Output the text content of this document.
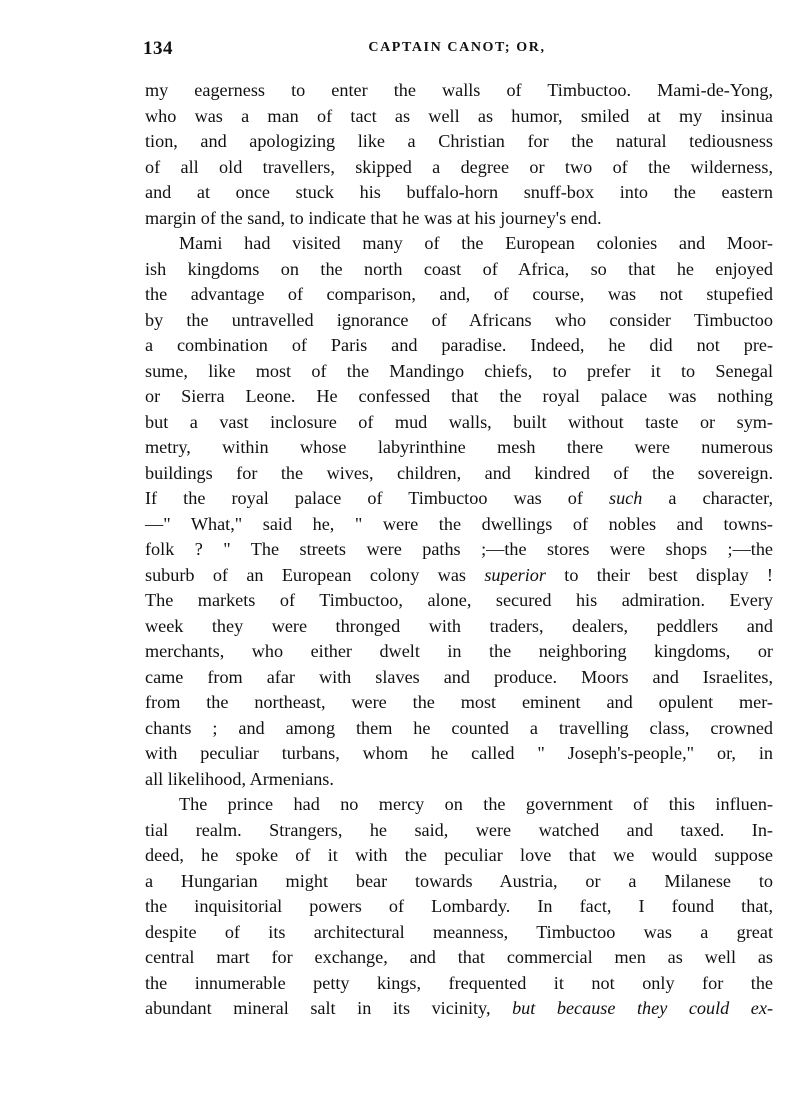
134	CAPTAIN CANOT; OR,
my eagerness to enter the walls of Timbuctoo. Mami-de-Yong,
who was a man of tact as well as humor, smiled at my insinua
tion, and apologizing like a Christian for the natural tediousness
of all old travellers, skipped a degree or two of the wilderness,
and at once stuck his buffalo-horn snuff-box into the eastern
margin of the sand, to indicate that he was at his journey's end.
Mami had visited many of the European colonies and Moor-
ish kingdoms on the north coast of Africa, so that he enjoyed
the advantage of comparison, and, of course, was not stupefied
by the untravelled ignorance of Africans who consider Timbuctoo
a combination of Paris and paradise. Indeed, he did not pre-
sume, like most of the Mandingo chiefs, to prefer it to Senegal
or Sierra Leone. He confessed that the royal palace was nothing
but a vast inclosure of mud walls, built without taste or sym-
metry, within whose labyrinthine mesh there were numerous
buildings for the wives, children, and kindred of the sovereign.
If the royal palace of Timbuctoo was of such a character,
—" What," said he, " were the dwellings of nobles and towns-
folk ? " The streets were paths ;—the stores were shops ;—the
suburb of an European colony was superior to their best display !
The markets of Timbuctoo, alone, secured his admiration. Every
week they were thronged with traders, dealers, peddlers and
merchants, who either dwelt in the neighboring kingdoms, or
came from afar with slaves and produce. Moors and Israelites,
from the northeast, were the most eminent and opulent mer-
chants ; and among them he counted a travelling class, crowned
with peculiar turbans, whom he called " Joseph's-people," or, in
all likelihood, Armenians.
The prince had no mercy on the government of this influen-
tial realm. Strangers, he said, were watched and taxed. In-
deed, he spoke of it with the peculiar love that we would suppose
a Hungarian might bear towards Austria, or a Milanese to
the inquisitorial powers of Lombardy. In fact, I found that,
despite of its architectural meanness, Timbuctoo was a great
central mart for exchange, and that commercial men as well as
the innumerable petty kings, frequented it not only for the
abundant mineral salt in its vicinity, but because they could ex-
